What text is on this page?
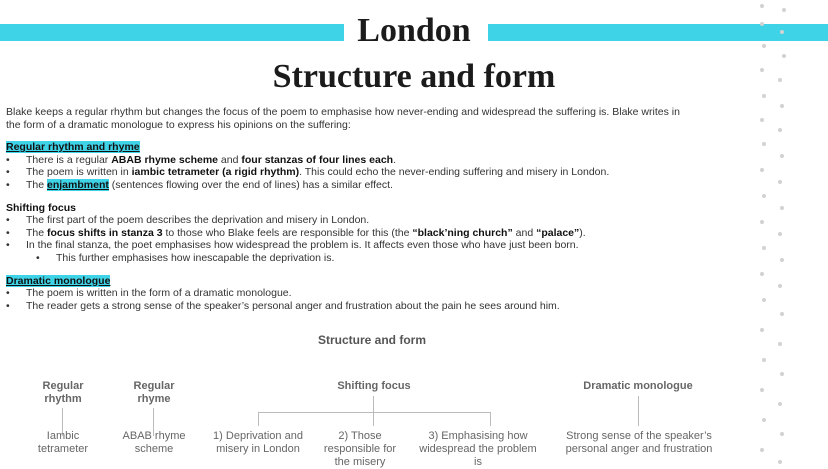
London
Structure and form

Blake keeps a regular rhythm but changes the focus of the poem to emphasise how never-ending and widespread the suffering is. Blake writes in the form of a dramatic monologue to express his opinions on the suffering:

Regular rhythm and rhyme

• There is a regular ABAB rhyme scheme and four stanzas of four lines each.

• The poem is written in iambic tetrameter (a rigid rhythm). This could echo the never-ending suffering and misery in London.

• The enjambment (sentences flowing over the end of lines) has a similar effect.

Shifting focus

• The first part of the poem describes the deprivation and misery in London.

• The focus shifts in stanza 3 to those who Blake feels are responsible for this (the “black’ning church” and “palace”).

• In the final stanza, the poet emphasises how widespread the problem is. It affects even those who have just been born.

• This further emphasises how inescapable the deprivation is.

Dramatic monologue

• The poem is written in the form of a dramatic monologue.

• The reader gets a strong sense of the speaker’s personal anger and frustration about the pain he sees around him.

Structure and form
Regular rhythm
Regular rhyme
Shifting focus	Dramatic monologue
Iambic tetrameter
ABAB rhyme scheme
1) Deprivation and misery in London
2) Those responsible for the misery
3) Emphasising how widespread the problem is
Strong sense of the speaker’s personal anger and frustration
